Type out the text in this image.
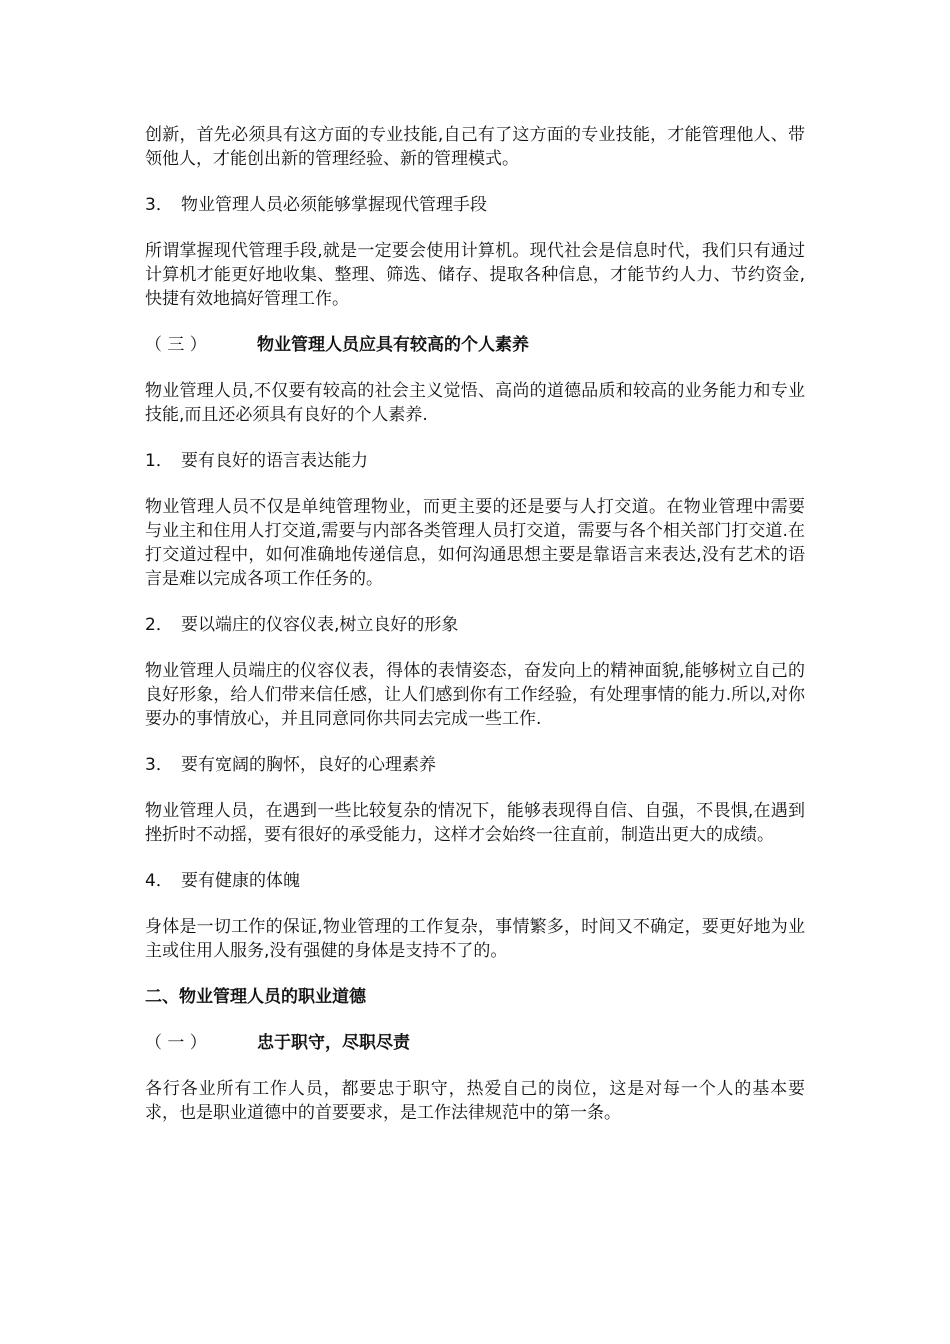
创新，首先必须具有这方面的专业技能,自己有了这方面的专业技能，才能管理他人、带领他人，才能创出新的管理经验、新的管理模式。

3． 物业管理人员必须能够掌握现代管理手段

所谓掌握现代管理手段,就是一定要会使用计算机。现代社会是信息时代，我们只有通过计算机才能更好地收集、整理、筛选、储存、提取各种信息，才能节约人力、节约资金,快捷有效地搞好管理工作。

（ 三 ）	物业管理人员应具有较高的个人素养

物业管理人员,不仅要有较高的社会主义觉悟、高尚的道德品质和较高的业务能力和专业技能,而且还必须具有良好的个人素养.

1． 要有良好的语言表达能力

物业管理人员不仅是单纯管理物业，而更主要的还是要与人打交道。在物业管理中需要与业主和住用人打交道,需要与内部各类管理人员打交道，需要与各个相关部门打交道.在打交道过程中，如何准确地传递信息，如何沟通思想主要是靠语言来表达,没有艺术的语言是难以完成各项工作任务的。

2． 要以端庄的仪容仪表,树立良好的形象

物业管理人员端庄的仪容仪表，得体的表情姿态，奋发向上的精神面貌,能够树立自己的良好形象，给人们带来信任感，让人们感到你有工作经验，有处理事情的能力.所以,对你要办的事情放心，并且同意同你共同去完成一些工作.

3． 要有宽阔的胸怀，良好的心理素养

物业管理人员，在遇到一些比较复杂的情况下，能够表现得自信、自强，不畏惧,在遇到挫折时不动摇，要有很好的承受能力，这样才会始终一往直前，制造出更大的成绩。

4． 要有健康的体魄

身体是一切工作的保证,物业管理的工作复杂，事情繁多，时间又不确定，要更好地为业主或住用人服务,没有强健的身体是支持不了的。

二、物业管理人员的职业道德

（ 一 ）	忠于职守，尽职尽责

各行各业所有工作人员，都要忠于职守，热爱自己的岗位，这是对每一个人的基本要求，也是职业道德中的首要要求，是工作法律规范中的第一条。
